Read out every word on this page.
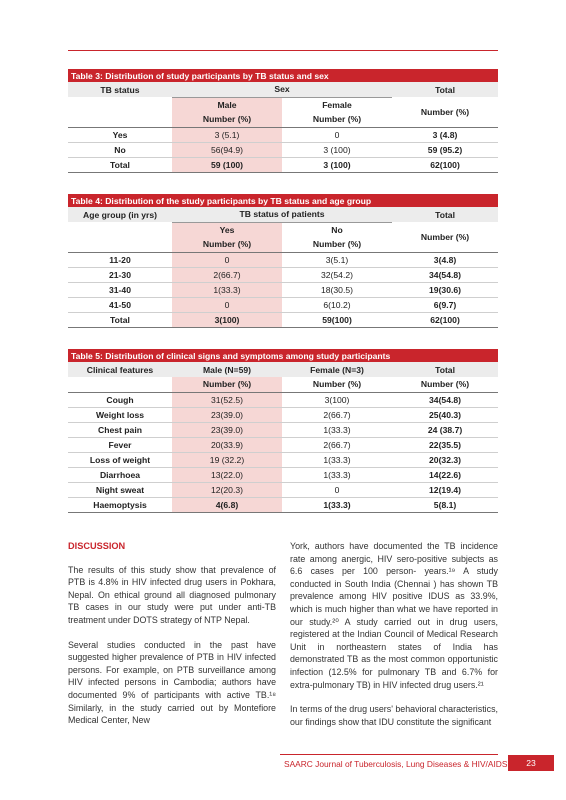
Table 3: Distribution of study participants by TB status and sex			
TB status	Sex		Total
	Male	Female	Number (%)
	Number (%)	Number (%)	
Yes	3 (5.1)	0	3 (4.8)
No	56(94.9)	3 (100)	59 (95.2)
Total	59 (100)	3 (100)	62(100)
Table 4: Distribution of the study participants by TB status and age group			
Age group (in yrs)	TB status of patients		Total
	Yes	No	Number (%)
	Number (%)	Number (%)	
11-20	0	3(5.1)	3(4.8)
21-30	2(66.7)	32(54.2)	34(54.8)
31-40	1(33.3)	18(30.5)	19(30.6)
41-50	0	6(10.2)	6(9.7)
Total	3(100)	59(100)	62(100)
Table 5: Distribution of clinical signs and symptoms among study participants			
Clinical features	Male (N=59)	Female (N=3)	Total
	Number (%)	Number (%)	Number (%)
Cough	31(52.5)	3(100)	34(54.8)
Weight loss	23(39.0)	2(66.7)	25(40.3)
Chest pain	23(39.0)	1(33.3)	24 (38.7)
Fever	20(33.9)	2(66.7)	22(35.5)
Loss of weight	19 (32.2)	1(33.3)	20(32.3)
Diarrhoea	13(22.0)	1(33.3)	14(22.6)
Night sweat	12(20.3)	0	12(19.4)
Haemoptysis	4(6.8)	1(33.3)	5(8.1)
DISCUSSION

The results of this study show that prevalence of PTB is 4.8% in HIV infected drug users in Pokhara, Nepal. On ethical ground all diagnosed pulmonary TB cases in our study were put under anti-TB treatment under DOTS strategy of NTP Nepal.

Several studies conducted in the past have suggested higher prevalence of PTB in HIV infected persons. For example, on PTB surveillance among HIV infected persons in Cambodia; authors have documented 9% of participants with active TB.¹⁸ Similarly, in the study carried out by Montefiore Medical Center, New

York, authors have documented the TB incidence rate among anergic, HIV sero-positive subjects as 6.6 cases per 100 person- years.¹⁹ A study conducted in South India (Chennai ) has shown TB prevalence among HIV positive IDUS as 33.9%, which is much higher than what we have reported in our study.²⁰ A study carried out in drug users, registered at the Indian Council of Medical Research Unit in northeastern states of India has demonstrated TB as the most common opportunistic infection (12.5% for pulmonary TB and 6.7% for extra-pulmonary TB) in HIV infected drug users.²¹

In terms of the drug users' behavioral characteristics, our findings show that IDU constitute the significant

SAARC Journal of Tuberculosis, Lung Diseases & HIV/AIDS	23
